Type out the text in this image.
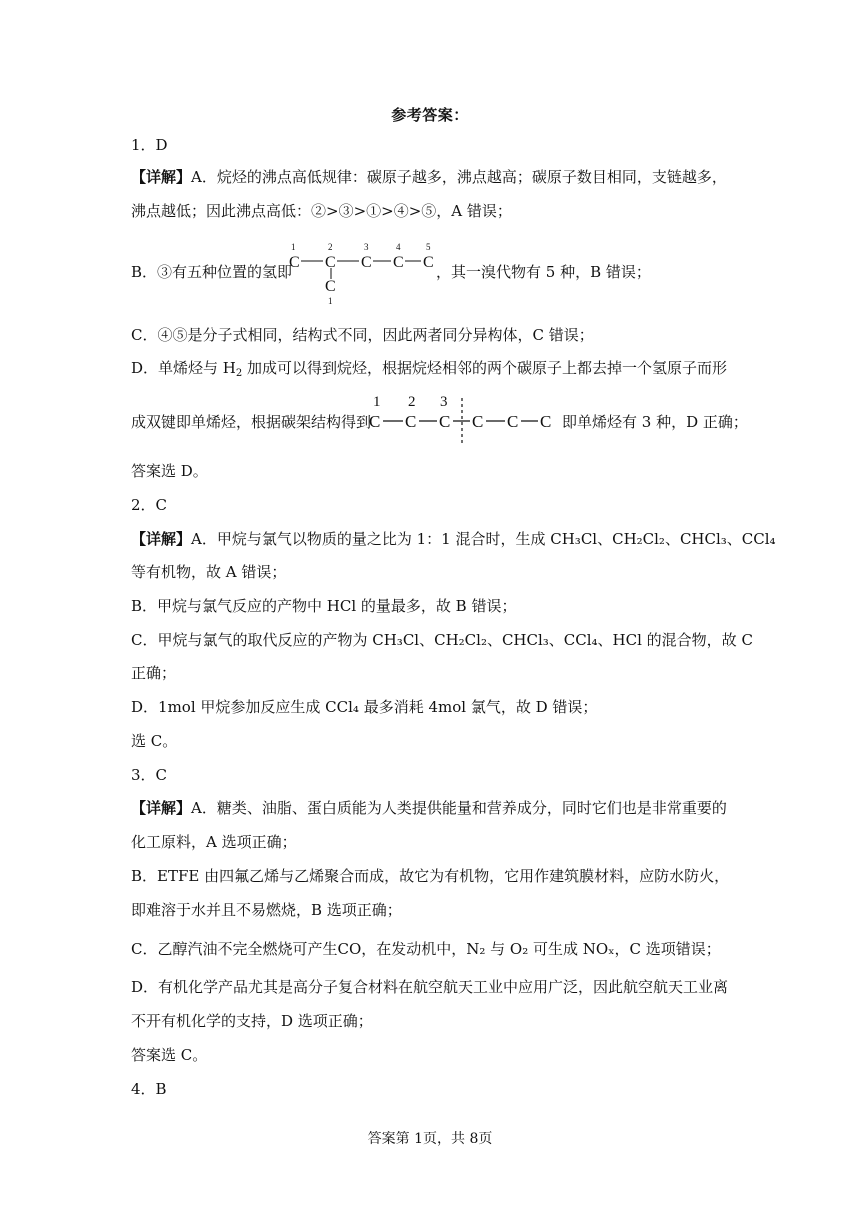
参考答案：
1．D
【详解】A．烷烃的沸点高低规律：碳原子越多，沸点越高；碳原子数目相同，支链越多，
沸点越低；因此沸点高低：②>③>①>④>⑤，A 错误；
B．③有五种位置的氢即
1	2	3	4	5
C C C C C
C
1
，其一溴代物有 5 种，B 错误；
C．④⑤是分子式相同，结构式不同，因此两者同分异构体，C 错误；
D．单烯烃与 $H_2$ 加成可以得到烷烃，根据烷烃相邻的两个碳原子上都去掉一个氢原子而形
成双键即单烯烃，根据碳架结构得到
1 2 3
C C C C C C 即单烯烃有 3 种，D 正确；
答案选 D。
2．C
【详解】A．甲烷与氯气以物质的量之比为 1：1 混合时，生成 CH₃Cl、CH₂Cl₂、CHCl₃、CCl₄
等有机物，故 A 错误；
B．甲烷与氯气反应的产物中 HCl 的量最多，故 B 错误；
C．甲烷与氯气的取代反应的产物为 CH₃Cl、CH₂Cl₂、CHCl₃、CCl₄、HCl 的混合物，故 C
正确；
D．1mol 甲烷参加反应生成 CCl₄ 最多消耗 4mol 氯气，故 D 错误；
选 C。
3．C
【详解】A．糖类、油脂、蛋白质能为人类提供能量和营养成分，同时它们也是非常重要的
化工原料，A 选项正确；
B．ETFE 由四氟乙烯与乙烯聚合而成，故它为有机物，它用作建筑膜材料，应防水防火，
即难溶于水并且不易燃烧，B 选项正确；
C．乙醇汽油不完全燃烧可产生CO，在发动机中，N₂ 与 O₂ 可生成 NOₓ，C 选项错误；
D．有机化学产品尤其是高分子复合材料在航空航天工业中应用广泛，因此航空航天工业离
不开有机化学的支持，D 选项正确；
答案选 C。
4．B
答案第 1页，共 8页
